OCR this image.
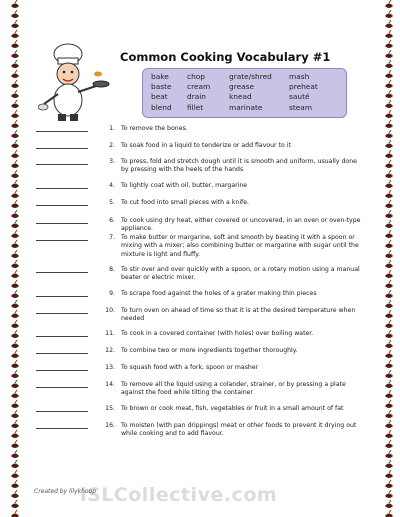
Common Cooking Vocabulary #1
bake	chop	grate/shred	mash
baste	cream	grease	preheat
beat	drain	knead	sauté
blend	fillet	marinate	steam
1. To remove the bones.
2. To soak food in a liquid to tenderize or add flavour to it
3. To press, fold and stretch dough until it is smooth and uniform, usually done by pressing with the heels of the hands
4. To lightly coat with oil, butter, margarine
5. To cut food into small pieces with a knife.
6. To cook using dry heat, either covered or uncovered, in an oven or oven-type appliance.
7. To make butter or margarine, soft and smooth by beating it with a spoon or mixing with a mixer; also combining butter or margarine with sugar until the mixture is light and fluffy.
8. To stir over and over quickly with a spoon, or a rotary motion using a manual beater or electric mixer.
9. To scrape food against the holes of a grater making thin pieces
10. To turn oven on ahead of time so that it is at the desired temperature when needed
11. To cook in a covered container (with holes) over boiling water.
12. To combine two or more ingredients together thoroughly.
13. To squash food with a fork, spoon or masher
14. To remove all the liquid using a colander, strainer, or by pressing a plate against the food while tilting the container
15. To brown or cook meat, fish, vegetables or fruit in a small amount of fat
16. To moisten (with pan drippings) meat or other foods to prevent it drying out while cooking and to add flavour.
iSLCollective.com
Created by lilykhoop
